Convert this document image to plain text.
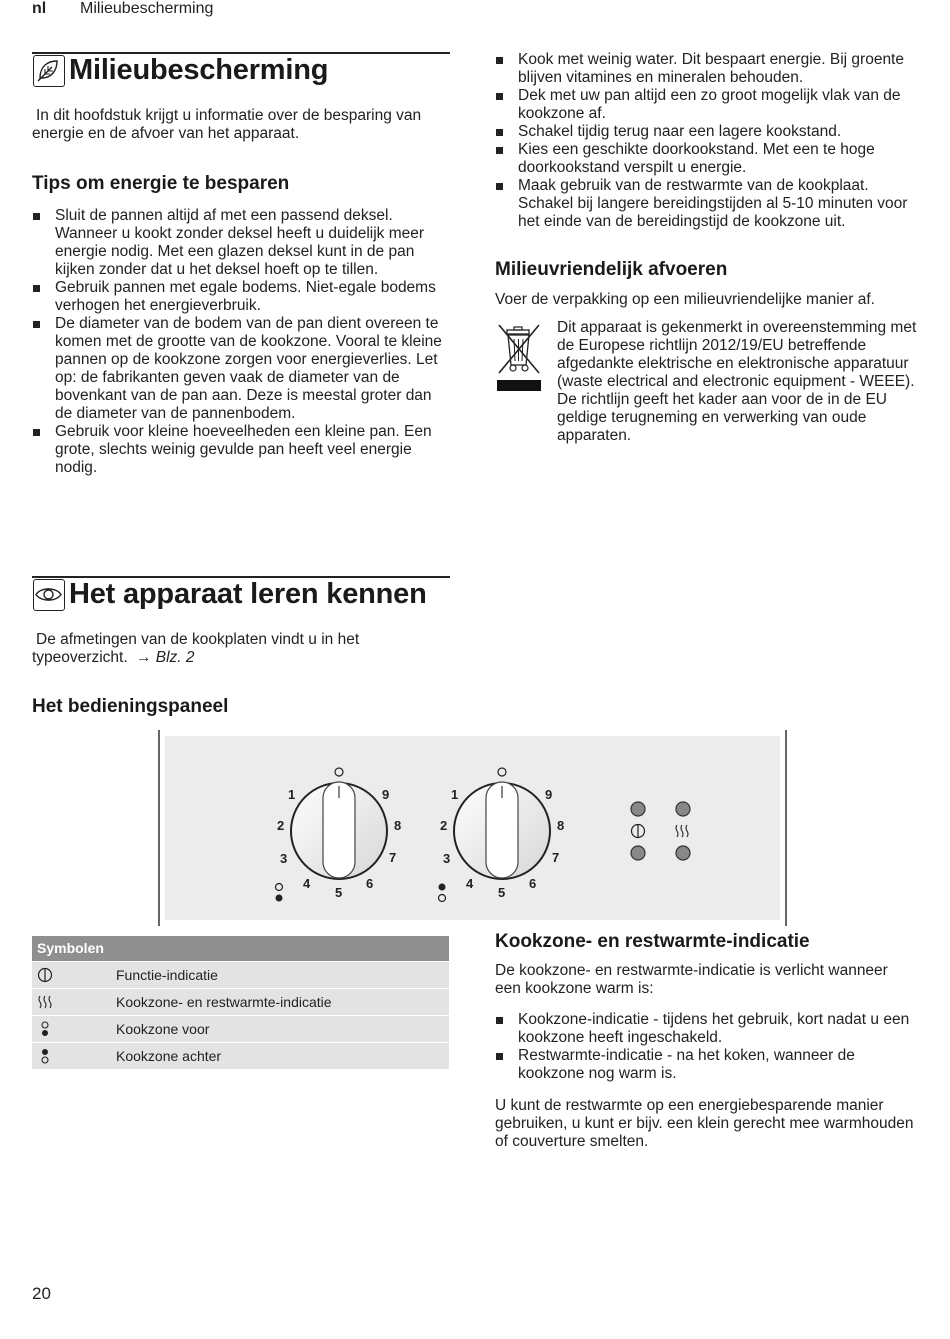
nl Milieubescherming
Milieubescherming
In dit hoofdstuk krijgt u informatie over de besparing van energie en de afvoer van het apparaat.
Tips om energie te besparen
Sluit de pannen altijd af met een passend deksel. Wanneer u kookt zonder deksel heeft u duidelijk meer energie nodig. Met een glazen deksel kunt in de pan kijken zonder dat u het deksel hoeft op te tillen.
Gebruik pannen met egale bodems. Niet-egale bodems verhogen het energieverbruik.
De diameter van de bodem van de pan dient overeen te komen met de grootte van de kookzone. Vooral te kleine pannen op de kookzone zorgen voor energieverlies. Let op: de fabrikanten geven vaak de diameter van de bovenkant van de pan aan. Deze is meestal groter dan de diameter van de pannenbodem.
Gebruik voor kleine hoeveelheden een kleine pan. Een grote, slechts weinig gevulde pan heeft veel energie nodig.
Kook met weinig water. Dit bespaart energie. Bij groente blijven vitamines en mineralen behouden.
Dek met uw pan altijd een zo groot mogelijk vlak van de kookzone af.
Schakel tijdig terug naar een lagere kookstand.
Kies een geschikte doorkookstand. Met een te hoge doorkookstand verspilt u energie.
Maak gebruik van de restwarmte van de kookplaat. Schakel bij langere bereidingstijden al 5-10 minuten voor het einde van de bereidingstijd de kookzone uit.
Milieuvriendelijk afvoeren
Voer de verpakking op een milieuvriendelijke manier af.
Dit apparaat is gekenmerkt in overeenstemming met de Europese richtlijn 2012/19/EU betreffende afgedankte elektrische en elektronische apparatuur (waste electrical and electronic equipment - WEEE). De richtlijn geeft het kader aan voor de in de EU geldige terugneming en verwerking van oude apparaten.
Het apparaat leren kennen
De afmetingen van de kookplaten vindt u in het typeoverzicht. → Blz. 2
Het bedieningspaneel
1
2
3
4
5
6
7
8
9	1
2
3
4
5
6
7
8
9
Symbolen
Functie-indicatie
Kookzone- en restwarmte-indicatie
Kookzone voor
Kookzone achter
Kookzone- en restwarmte-indicatie
De kookzone- en restwarmte-indicatie is verlicht wanneer een kookzone warm is:
Kookzone-indicatie - tijdens het gebruik, kort nadat u een kookzone heeft ingeschakeld.
Restwarmte-indicatie - na het koken, wanneer de kookzone nog warm is.
U kunt de restwarmte op een energiebesparende manier gebruiken, u kunt er bijv. een klein gerecht mee warmhouden of couverture smelten.
20
